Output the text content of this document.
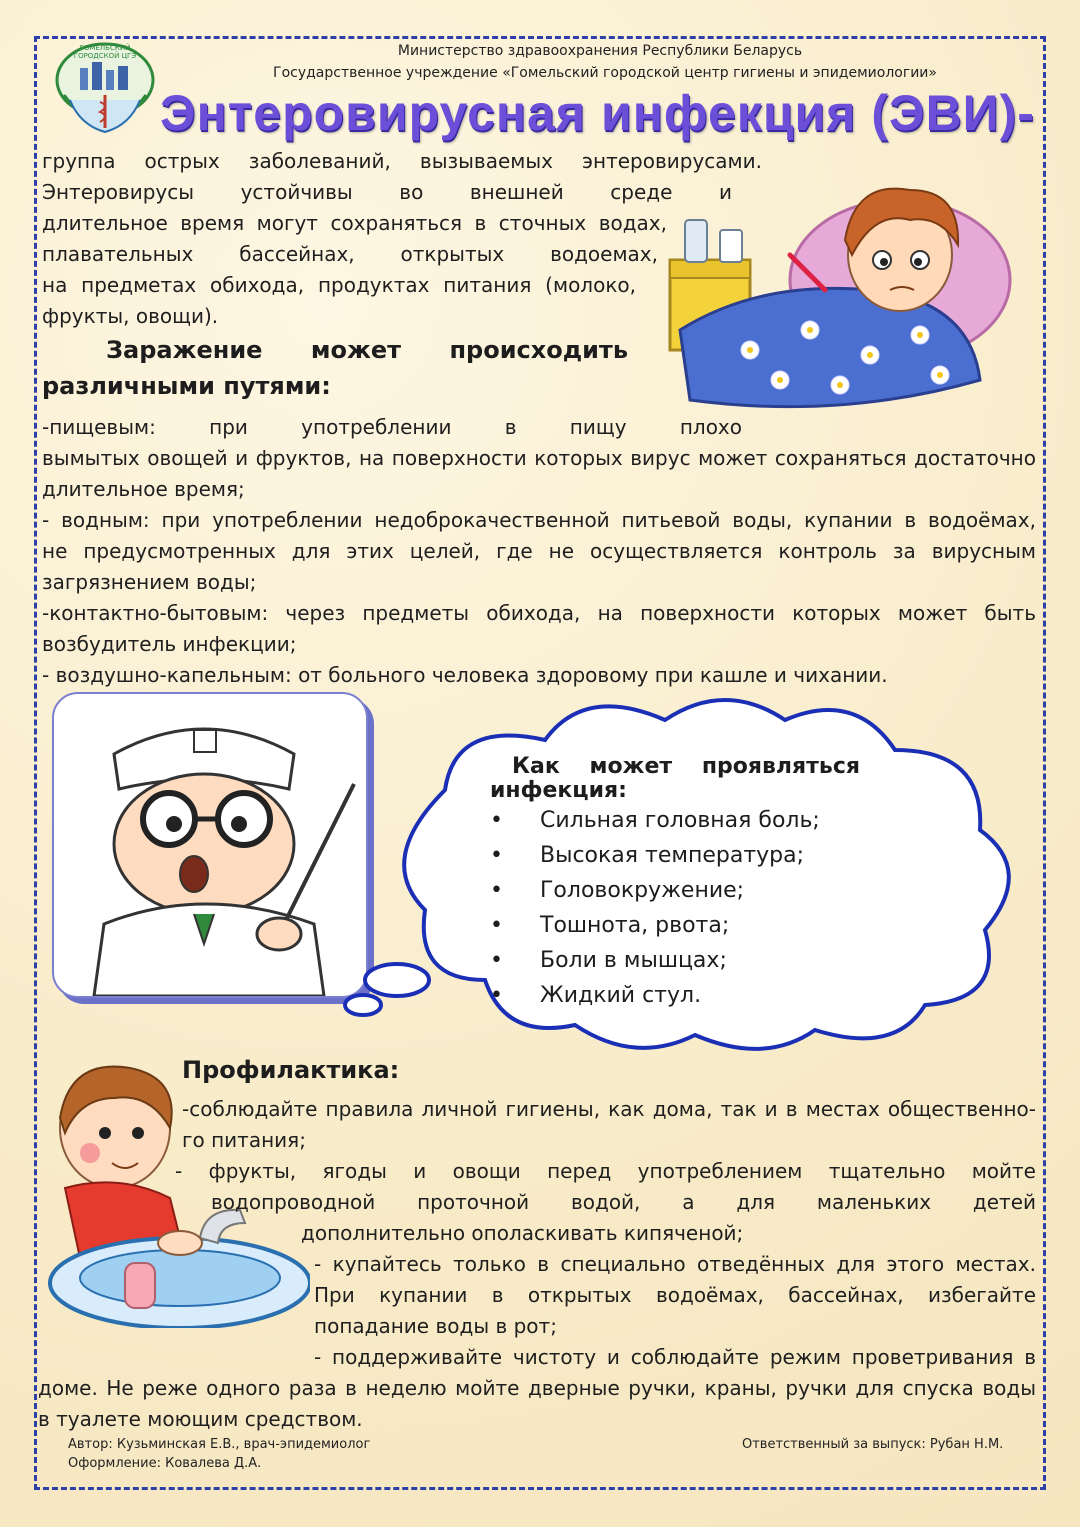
ГОМЕЛЬСКИЙ ГОРОДСКОЙ ЦГЭ	Министерство здравоохранения Республики Беларусь
Государственное учреждение «Гомельский городской центр гигиены и эпидемиологии»
Энтеровирусная инфекция (ЭВИ)-
группа острых заболеваний, вызываемых энтеровирусами.
Энтеровирусы устойчивы во внешней среде и
длительное время могут сохраняться в сточных водах,
плавательных бассейнах, открытых водоемах,
на предметах обихода, продуктах питания (молоко,
фрукты, овощи).
Заражение может происходить
различными путями:
-пищевым: при употреблении в пищу плохо
вымытых овощей и фруктов, на поверхности которых вирус может сохраняться достаточно
длительное время;
- водным: при употреблении недоброкачественной питьевой воды, купании в водоёмах,
не предусмотренных для этих целей, где не осуществляется контроль за вирусным
загрязнением воды;
-контактно-бытовым: через предметы обихода, на поверхности которых может быть
возбудитель инфекции;
- воздушно-капельным: от больного человека здоровому при кашле и чихании.
Как может проявляться
инфекция:
• Сильная головная боль;
• Высокая температура;
• Головокружение;
• Тошнота, рвота;
• Боли в мышцах;
• Жидкий стул.
Профилактика:
-соблюдайте правила личной гигиены, как дома, так и в местах общественно-
го питания;
- фрукты, ягоды и овощи перед употреблением тщательно мойте
водопроводной проточной водой, а для маленьких детей
дополнительно ополаскивать кипяченой;
- купайтесь только в специально отведённых для этого местах.
При купании в открытых водоёмах, бассейнах, избегайте
попадание воды в рот;
- поддерживайте чистоту и соблюдайте режим проветривания в
доме. Не реже одного раза в неделю мойте дверные ручки, краны, ручки для спуска воды
в туалете моющим средством.
Автор: Кузьминская Е.В., врач-эпидемиолог
Оформление: Ковалева Д.А.
Ответственный за выпуск: Рубан Н.М.
